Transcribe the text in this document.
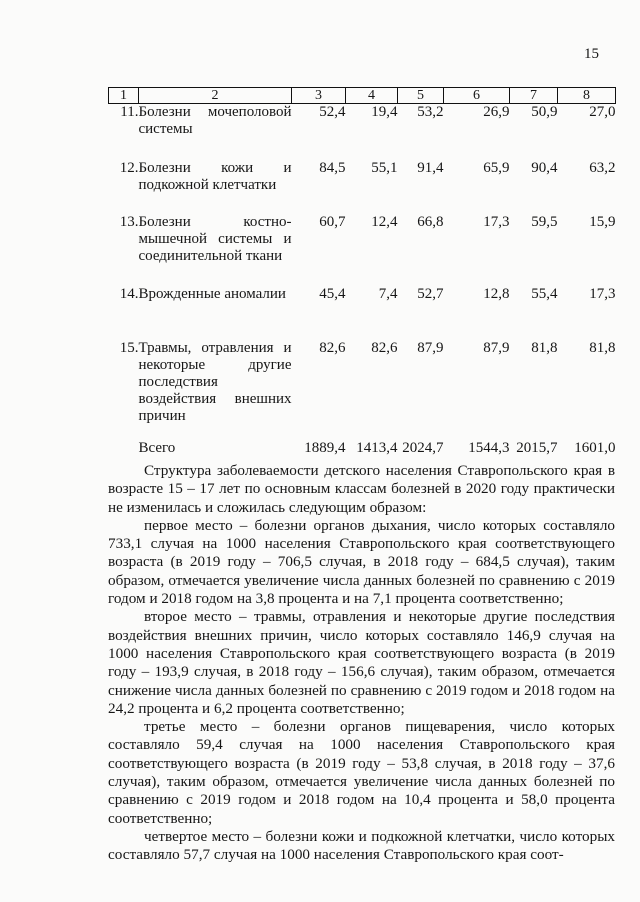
15
1	2	3	4	5	6	7	8
11.	Болезни мочеполовой системы	52,4	19,4	53,2	26,9	50,9	27,0
12.	Болезни кожи и подкожной клетчатки	84,5	55,1	91,4	65,9	90,4	63,2
13.	Болезни костно-мышечной системы и соединительной ткани	60,7	12,4	66,8	17,3	59,5	15,9
14.	Врожденные аномалии	45,4	7,4	52,7	12,8	55,4	17,3
15.	Травмы, отравления и некоторые другие последствия воздействия внешних причин	82,6	82,6	87,9	87,9	81,8	81,8
	Всего	1889,4	1413,4	2024,7	1544,3	2015,7	1601,0

Структура заболеваемости детского населения Ставропольского края в возрасте 15 – 17 лет по основным классам болезней в 2020 году практически не изменилась и сложилась следующим образом:

первое место – болезни органов дыхания, число которых составляло 733,1 случая на 1000 населения Ставропольского края соответствующего возраста (в 2019 году – 706,5 случая, в 2018 году – 684,5 случая), таким образом, отмечается увеличение числа данных болезней по сравнению с 2019 годом и 2018 годом на 3,8 процента и на 7,1 процента соответственно;

второе место – травмы, отравления и некоторые другие последствия воздействия внешних причин, число которых составляло 146,9 случая на 1000 населения Ставропольского края соответствующего возраста (в 2019 году – 193,9 случая, в 2018 году – 156,6 случая), таким образом, отмечается снижение числа данных болезней по сравнению с 2019 годом и 2018 годом на 24,2 процента и 6,2 процента соответственно;

третье место – болезни органов пищеварения, число которых составляло 59,4 случая на 1000 населения Ставропольского края соответствующего возраста (в 2019 году – 53,8 случая, в 2018 году – 37,6 случая), таким образом, отмечается увеличение числа данных болезней по сравнению с 2019 годом и 2018 годом на 10,4 процента и 58,0 процента соответственно;

четвертое место – болезни кожи и подкожной клетчатки, число которых составляло 57,7 случая на 1000 населения Ставропольского края соот-
